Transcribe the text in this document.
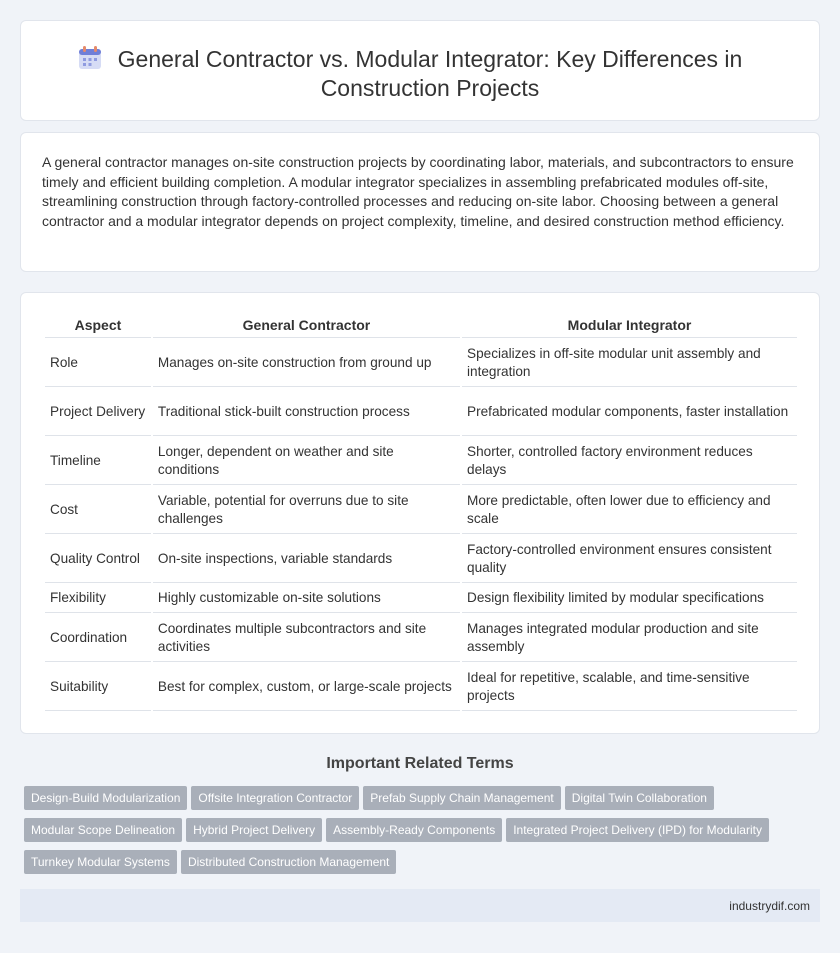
General Contractor vs. Modular Integrator: Key Differences in
Construction Projects

A general contractor manages on-site construction projects by coordinating labor, materials, and subcontractors to ensure timely and efficient building completion. A modular integrator specializes in assembling prefabricated modules off-site, streamlining construction through factory-controlled processes and reducing on-site labor. Choosing between a general contractor and a modular integrator depends on project complexity, timeline, and desired construction method efficiency.

Aspect	General Contractor	Modular Integrator
Role	Manages on-site construction from ground up	Specializes in off-site modular unit assembly and integration
Project Delivery	Traditional stick-built construction process	Prefabricated modular components, faster installation
Timeline	Longer, dependent on weather and site conditions	Shorter, controlled factory environment reduces delays
Cost	Variable, potential for overruns due to site challenges	More predictable, often lower due to efficiency and scale
Quality Control	On-site inspections, variable standards	Factory-controlled environment ensures consistent quality
Flexibility	Highly customizable on-site solutions	Design flexibility limited by modular specifications
Coordination	Coordinates multiple subcontractors and site activities	Manages integrated modular production and site assembly
Suitability	Best for complex, custom, or large-scale projects	Ideal for repetitive, scalable, and time-sensitive projects
Important Related Terms
Design-Build Modularization Offsite Integration Contractor Prefab Supply Chain Management Digital Twin Collaboration
Modular Scope Delineation Hybrid Project Delivery Assembly-Ready Components Integrated Project Delivery (IPD) for Modularity
Turnkey Modular Systems Distributed Construction Management
industrydif.com
